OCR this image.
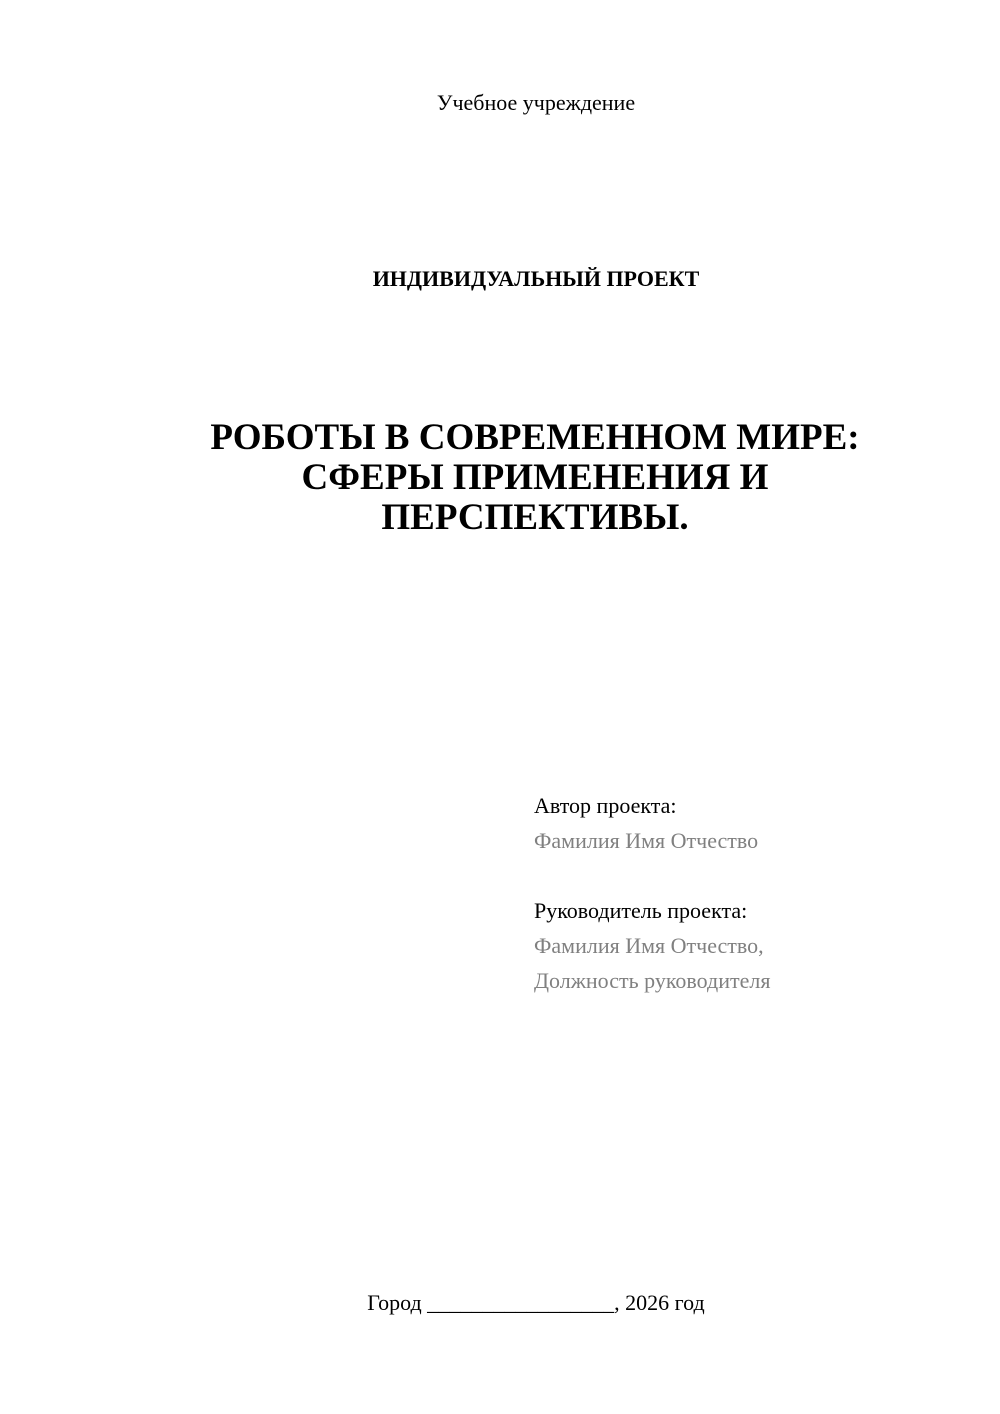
Учебное учреждение
ИНДИВИДУАЛЬНЫЙ ПРОЕКТ
РОБОТЫ В СОВРЕМЕННОМ МИРЕ:
СФЕРЫ ПРИМЕНЕНИЯ И
ПЕРСПЕКТИВЫ.
Автор проекта:
Фамилия Имя Отчество
Руководитель проекта:
Фамилия Имя Отчество,
Должность руководителя
Город _________________, 2026 год
